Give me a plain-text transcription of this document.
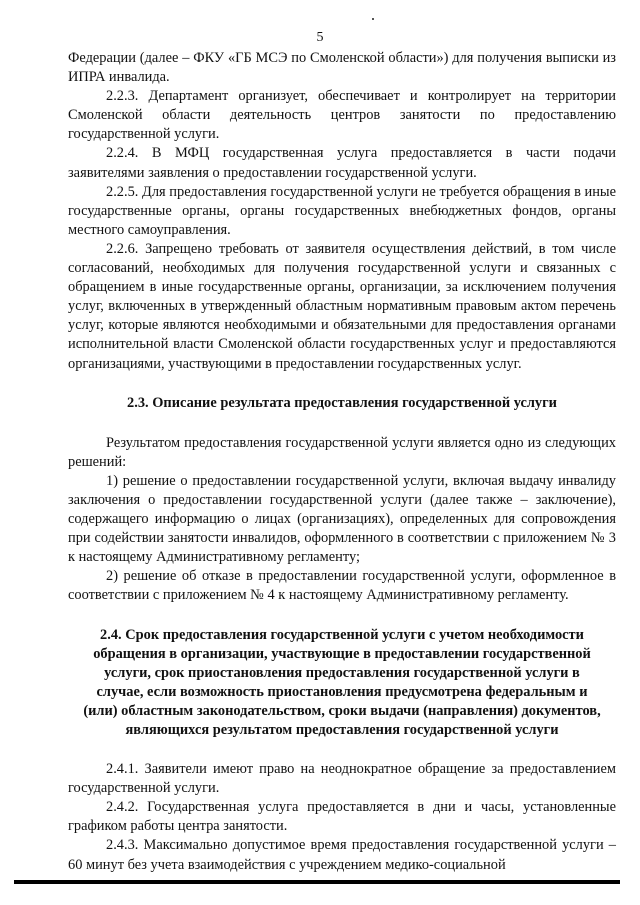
5

Федерации (далее – ФКУ «ГБ МСЭ по Смоленской области») для получения выписки из ИПРА инвалида.

2.2.3. Департамент организует, обеспечивает и контролирует на территории Смоленской области деятельность центров занятости по предоставлению государственной услуги.

2.2.4. В МФЦ государственная услуга предоставляется в части подачи заявителями заявления о предоставлении государственной услуги.

2.2.5. Для предоставления государственной услуги не требуется обращения в иные государственные органы, органы государственных внебюджетных фондов, органы местного самоуправления.

2.2.6. Запрещено требовать от заявителя осуществления действий, в том числе согласований, необходимых для получения государственной услуги и связанных с обращением в иные государственные органы, организации, за исключением получения услуг, включенных в утвержденный областным нормативным правовым актом перечень услуг, которые являются необходимыми и обязательными для предоставления органами исполнительной власти Смоленской области государственных услуг и предоставляются организациями, участвующими в предоставлении государственных услуг.

2.3. Описание результата предоставления государственной услуги

Результатом предоставления государственной услуги является одно из следующих решений:

1) решение о предоставлении государственной услуги, включая выдачу инвалиду заключения о предоставлении государственной услуги (далее также – заключение), содержащего информацию о лицах (организациях), определенных для сопровождения при содействии занятости инвалидов, оформленного в соответствии с приложением № 3 к настоящему Административному регламенту;

2) решение об отказе в предоставлении государственной услуги, оформленное в соответствии с приложением № 4 к настоящему Административному регламенту.

2.4. Срок предоставления государственной услуги с учетом необходимости обращения в организации, участвующие в предоставлении государственной услуги, срок приостановления предоставления государственной услуги в случае, если возможность приостановления предусмотрена федеральным и (или) областным законодательством, сроки выдачи (направления) документов, являющихся результатом предоставления государственной услуги

2.4.1. Заявители имеют право на неоднократное обращение за предоставлением государственной услуги.

2.4.2. Государственная услуга предоставляется в дни и часы, установленные графиком работы центра занятости.

2.4.3. Максимально допустимое время предоставления государственной услуги – 60 минут без учета взаимодействия с учреждением медико-социальной
